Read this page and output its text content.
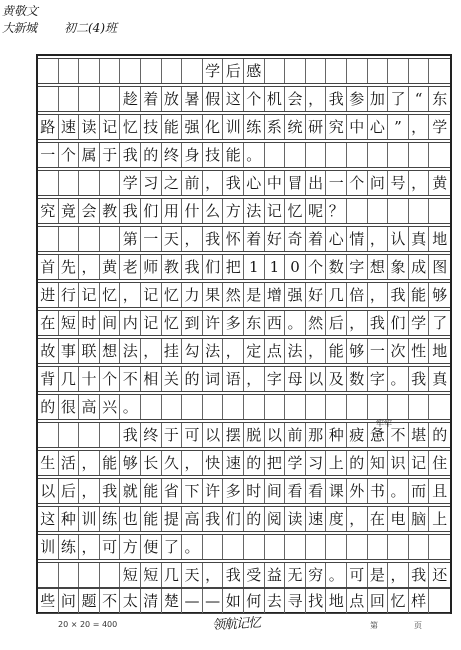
黄敬文
大新城 初二(4)班
学 后 感
趁 着 放 暑 假 这 个 机 会 ， 我 参 加 了 “ 东
路 速 读 记 忆 技 能 强 化 训 练 系 统 研 究 中 心 ” ， 学
一 个 属 于 我 的 终 身 技 能 。
学 习 之 前 ， 我 心 中 冒 出 一 个 问 号 ， 黄
究 竟 会 教 我 们 用 什 么 方 法 记 忆 呢 ？
第 一 天 ， 我 怀 着 好 奇 着 心 情 ， 认 真 地
首 先 ， 黄 老 师 教 我 们 把 1 1 0 个 数 字 想 象 成 图
进 行 记 忆 ， 记 忆 力 果 然 是 增 强 好 几 倍 ， 我 能 够
在 短 时 间 内 记 忆 到 许 多 东 西 。 然 后 ， 我 们 学 了
故 事 联 想 法 ， 挂 勾 法 ， 定 点 法 ， 能 够 一 次 性 地
背 几 十 个 不 相 关 的 词 语 ， 字 母 以 及 数 字 。 我 真
的 很 高 兴 。
我 终 于 可 以 摆 脱 以 前 那 种 疲 惫 不 堪 的
生 活 ， 能 够 长 久 ， 快 速 的 把 学 习 上 的 知 识 记 住
以 后 ， 我 就 能 省 下 许 多 时 间 看 看 课 外 书 。 而 且
这 种 训 练 也 能 提 高 我 们 的 阅 读 速 度 ， 在 电 脑 上
训 练 ， 可 方 便 了 。
短 短 几 天 ， 我 受 益 无 穷 。 可 是 ， 我 还
些 问 题 不 太 清 楚 — — 如 何 去 寻 找 地 点 回 忆 样
牢牢
20 × 20 = 400	领航记忆	第	页
